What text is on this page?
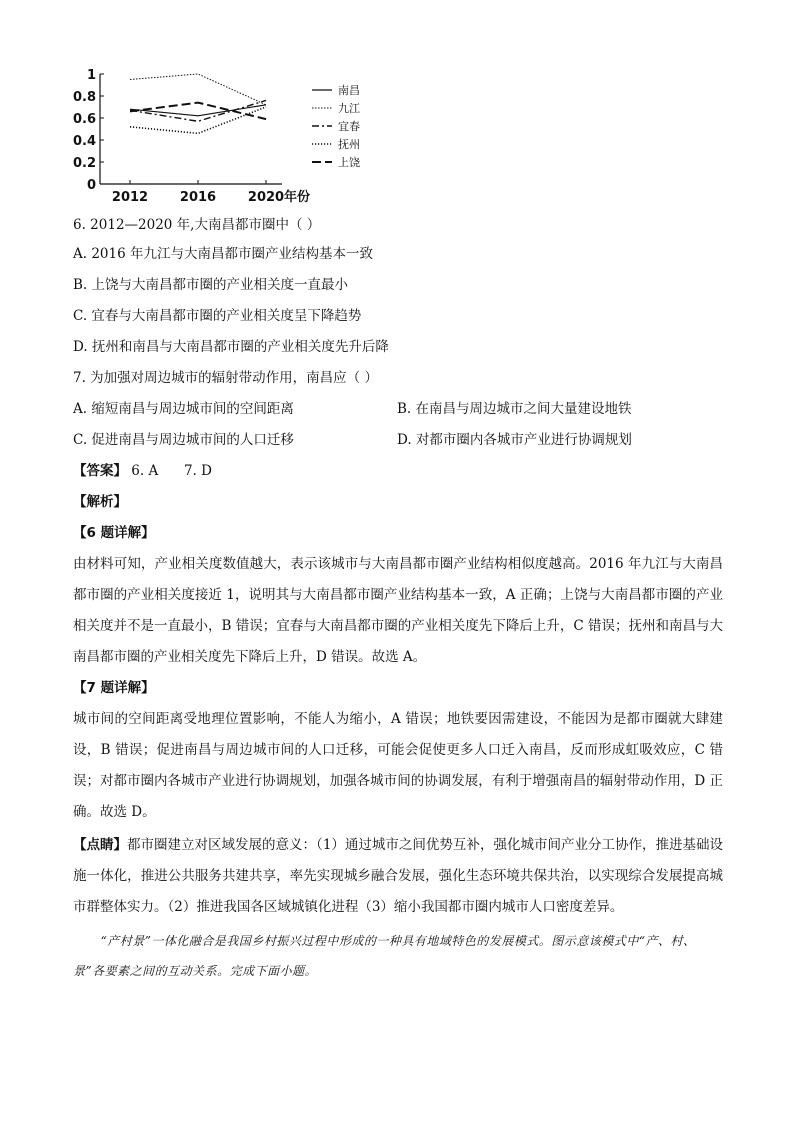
0
0.2
0.4
0.6
0.8
1
2012 2016 2020 年份
南昌
九江
宜春
抚州
上饶
6. 2012—2020 年,大南昌都市圈中（ ）
A. 2016 年九江与大南昌都市圈产业结构基本一致
B. 上饶与大南昌都市圈的产业相关度一直最小
C. 宜春与大南昌都市圈的产业相关度呈下降趋势
D. 抚州和南昌与大南昌都市圈的产业相关度先升后降
7. 为加强对周边城市的辐射带动作用，南昌应（ ）
A. 缩短南昌与周边城市间的空间距离	B. 在南昌与周边城市之间大量建设地铁
C. 促进南昌与周边城市间的人口迁移	D. 对都市圈内各城市产业进行协调规划
【答案】 6. A      7. D
【解析】
【6 题详解】
由材料可知，产业相关度数值越大，表示该城市与大南昌都市圈产业结构相似度越高。2016 年九江与大南昌都市圈的产业相关度接近 1，说明其与大南昌都市圈产业结构基本一致，A 正确；上饶与大南昌都市圈的产业相关度并不是一直最小，B 错误；宜春与大南昌都市圈的产业相关度先下降后上升，C 错误；抚州和南昌与大南昌都市圈的产业相关度先下降后上升，D 错误。故选 A。
【7 题详解】
城市间的空间距离受地理位置影响，不能人为缩小，A 错误；地铁要因需建设，不能因为是都市圈就大肆建设，B 错误；促进南昌与周边城市间的人口迁移，可能会促使更多人口迁入南昌，反而形成虹吸效应，C 错误；对都市圈内各城市产业进行协调规划，加强各城市间的协调发展，有利于增强南昌的辐射带动作用，D 正确。故选 D。
【点睛】都市圈建立对区域发展的意义：（1）通过城市之间优势互补，强化城市间产业分工协作，推进基础设施一体化，推进公共服务共建共享，率先实现城乡融合发展，强化生态环境共保共治，以实现综合发展提高城市群整体实力。（2）推进我国各区域城镇化进程（3）缩小我国都市圈内城市人口密度差异。
“产村景”一体化融合是我国乡村振兴过程中形成的一种具有地域特色的发展模式。图示意该模式中“产、村、景”各要素之间的互动关系。完成下面小题。
